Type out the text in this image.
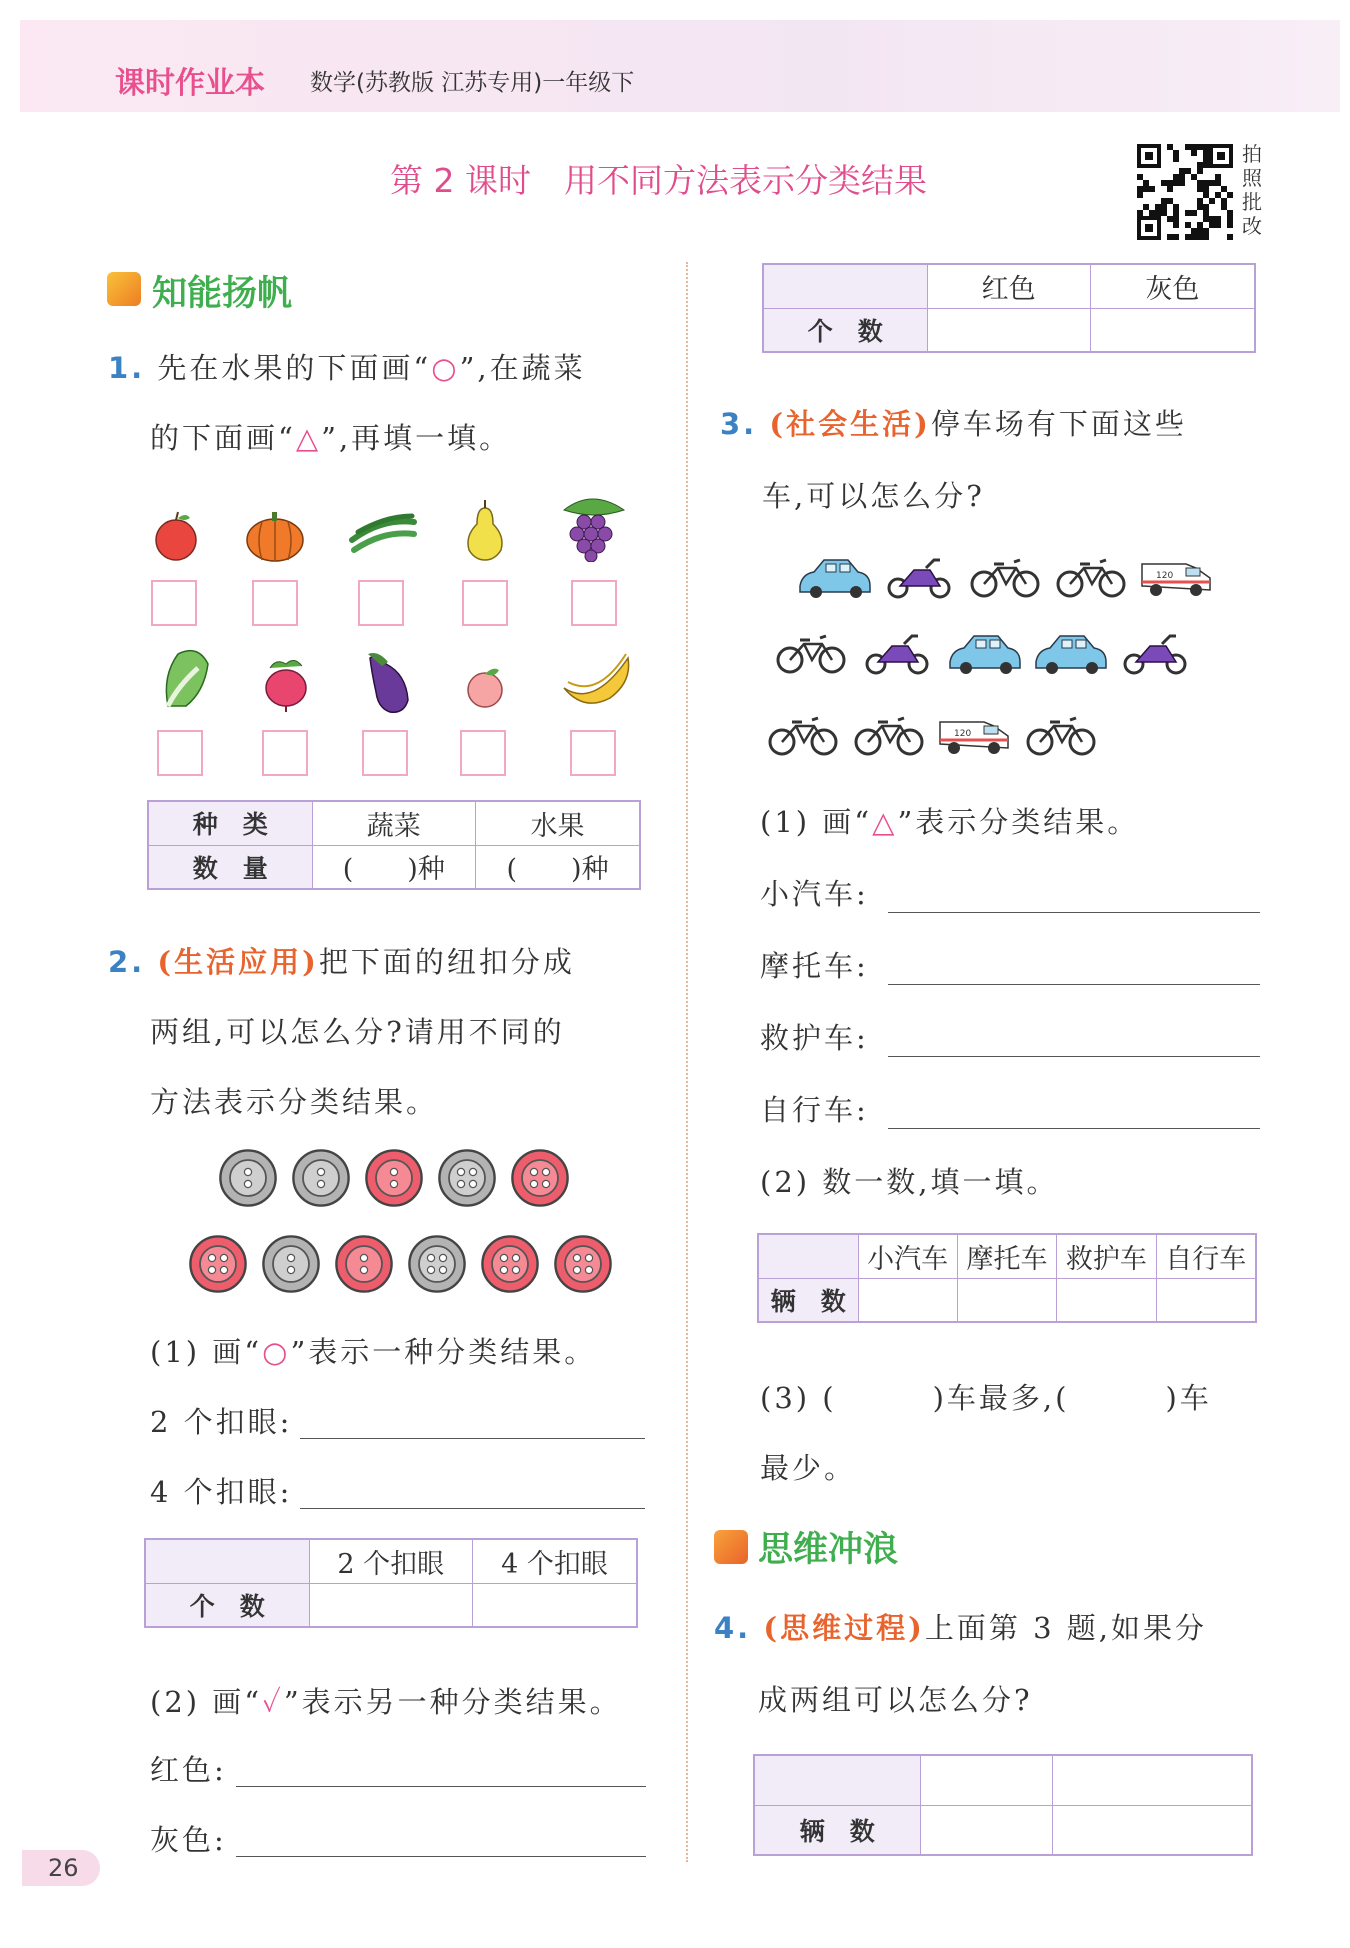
课时作业本 数学(苏教版 江苏专用)一年级下
第 2 课时　用不同方法表示分类结果
拍照批改
知能扬帆
1. 先在水果的下面画“○”,在蔬菜
的下面画“△”,再填一填。
种　类	蔬菜	水果
数　量	(　　)种	(　　)种
2. (生活应用)把下面的纽扣分成
两组,可以怎么分?请用不同的
方法表示分类结果。
(1) 画“○”表示一种分类结果。
2 个扣眼:
4 个扣眼:
	2 个扣眼	4 个扣眼
个　数		
(2) 画“✓”表示另一种分类结果。
红色:
灰色:
26
	红色	灰色
个　数		
3. (社会生活)停车场有下面这些
车,可以怎么分?
120
120
(1) 画“△”表示分类结果。
小汽车:
摩托车:
救护车:
自行车:
(2) 数一数,填一填。
	小汽车	摩托车	救护车	自行车
辆　数				
(3) (　　　)车最多,(　　　)车
最少。
思维冲浪
4. (思维过程)上面第 3 题,如果分
成两组可以怎么分?

辆　数		
